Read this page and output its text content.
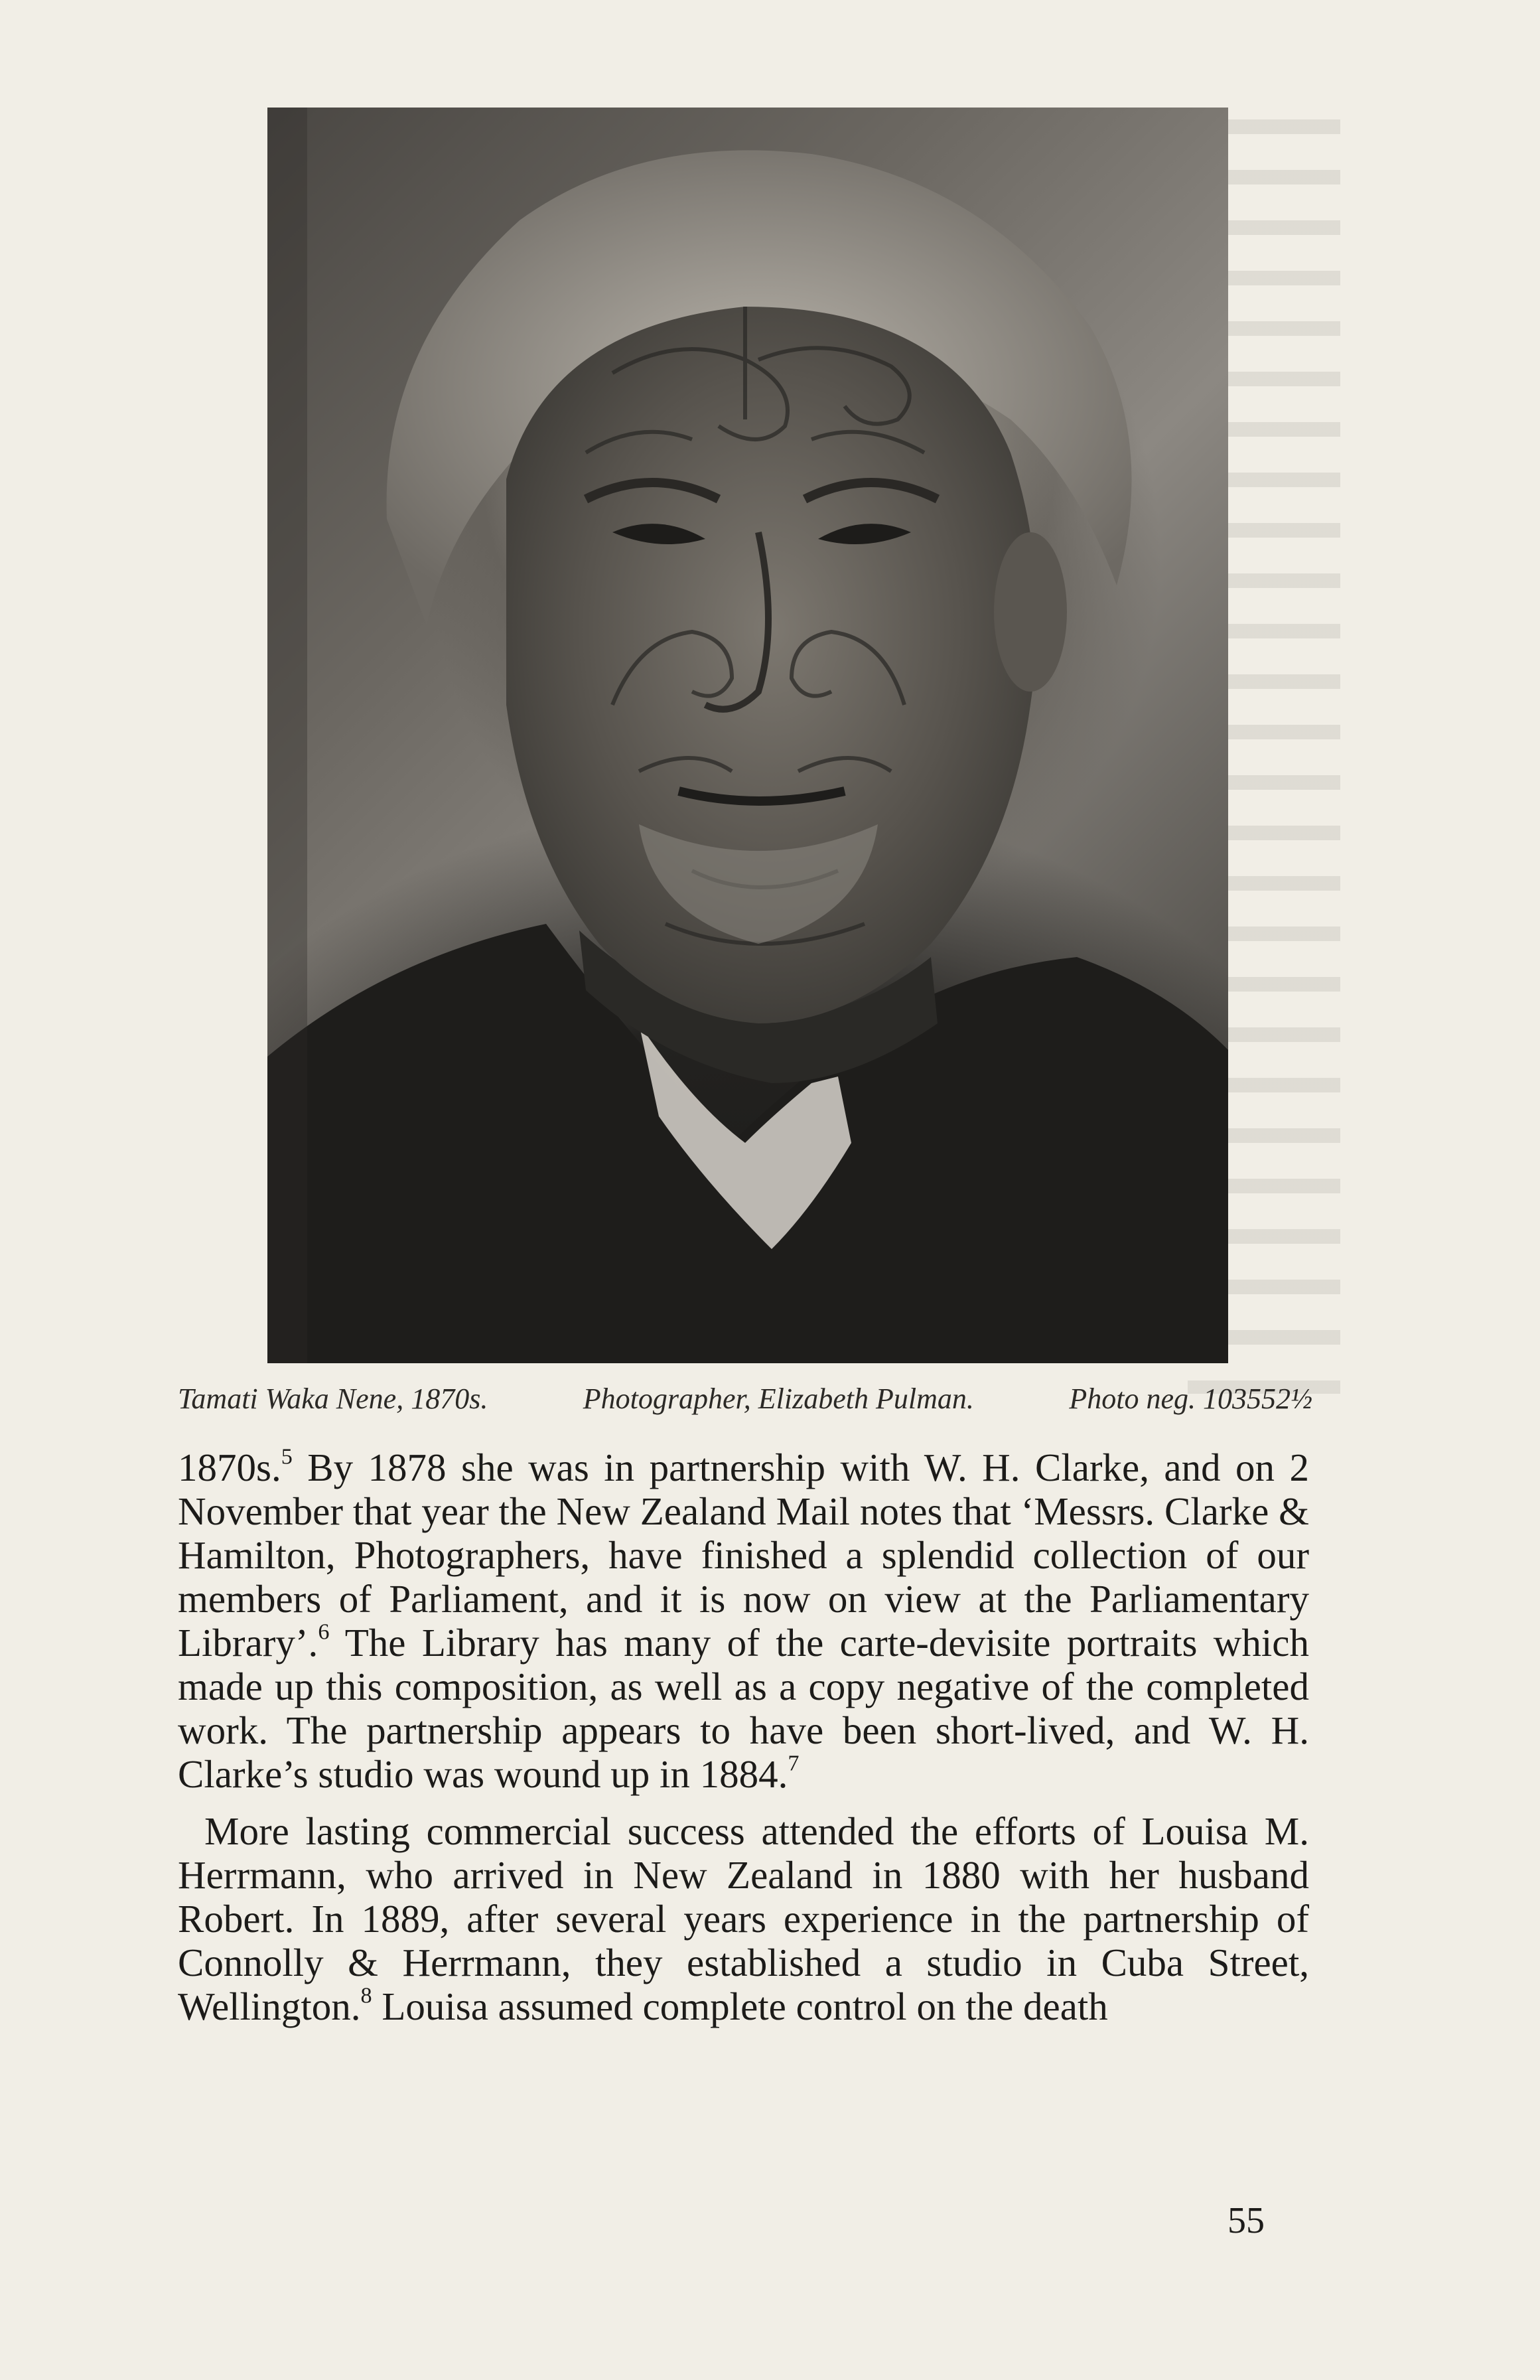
Tamati Waka Nene, 1870s.	Photographer, Elizabeth Pulman.	Photo neg. 103552½

1870s.$^5$ By 1878 she was in partnership with W. H. Clarke, and on 2 November that year the New Zealand Mail notes that ‘Messrs. Clarke & Hamilton, Photographers, have finished a splendid collection of our members of Parliament, and it is now on view at the Parliamentary Library’.$^6$ The Library has many of the carte-devisite portraits which made up this composition, as well as a copy negative of the completed work. The partnership appears to have been short-lived, and W. H. Clarke’s studio was wound up in 1884.$^7$

More lasting commercial success attended the efforts of Louisa M. Herrmann, who arrived in New Zealand in 1880 with her husband Robert. In 1889, after several years experience in the partnership of Connolly & Herrmann, they established a studio in Cuba Street, Wellington.$^8$ Louisa assumed complete control on the death

55
